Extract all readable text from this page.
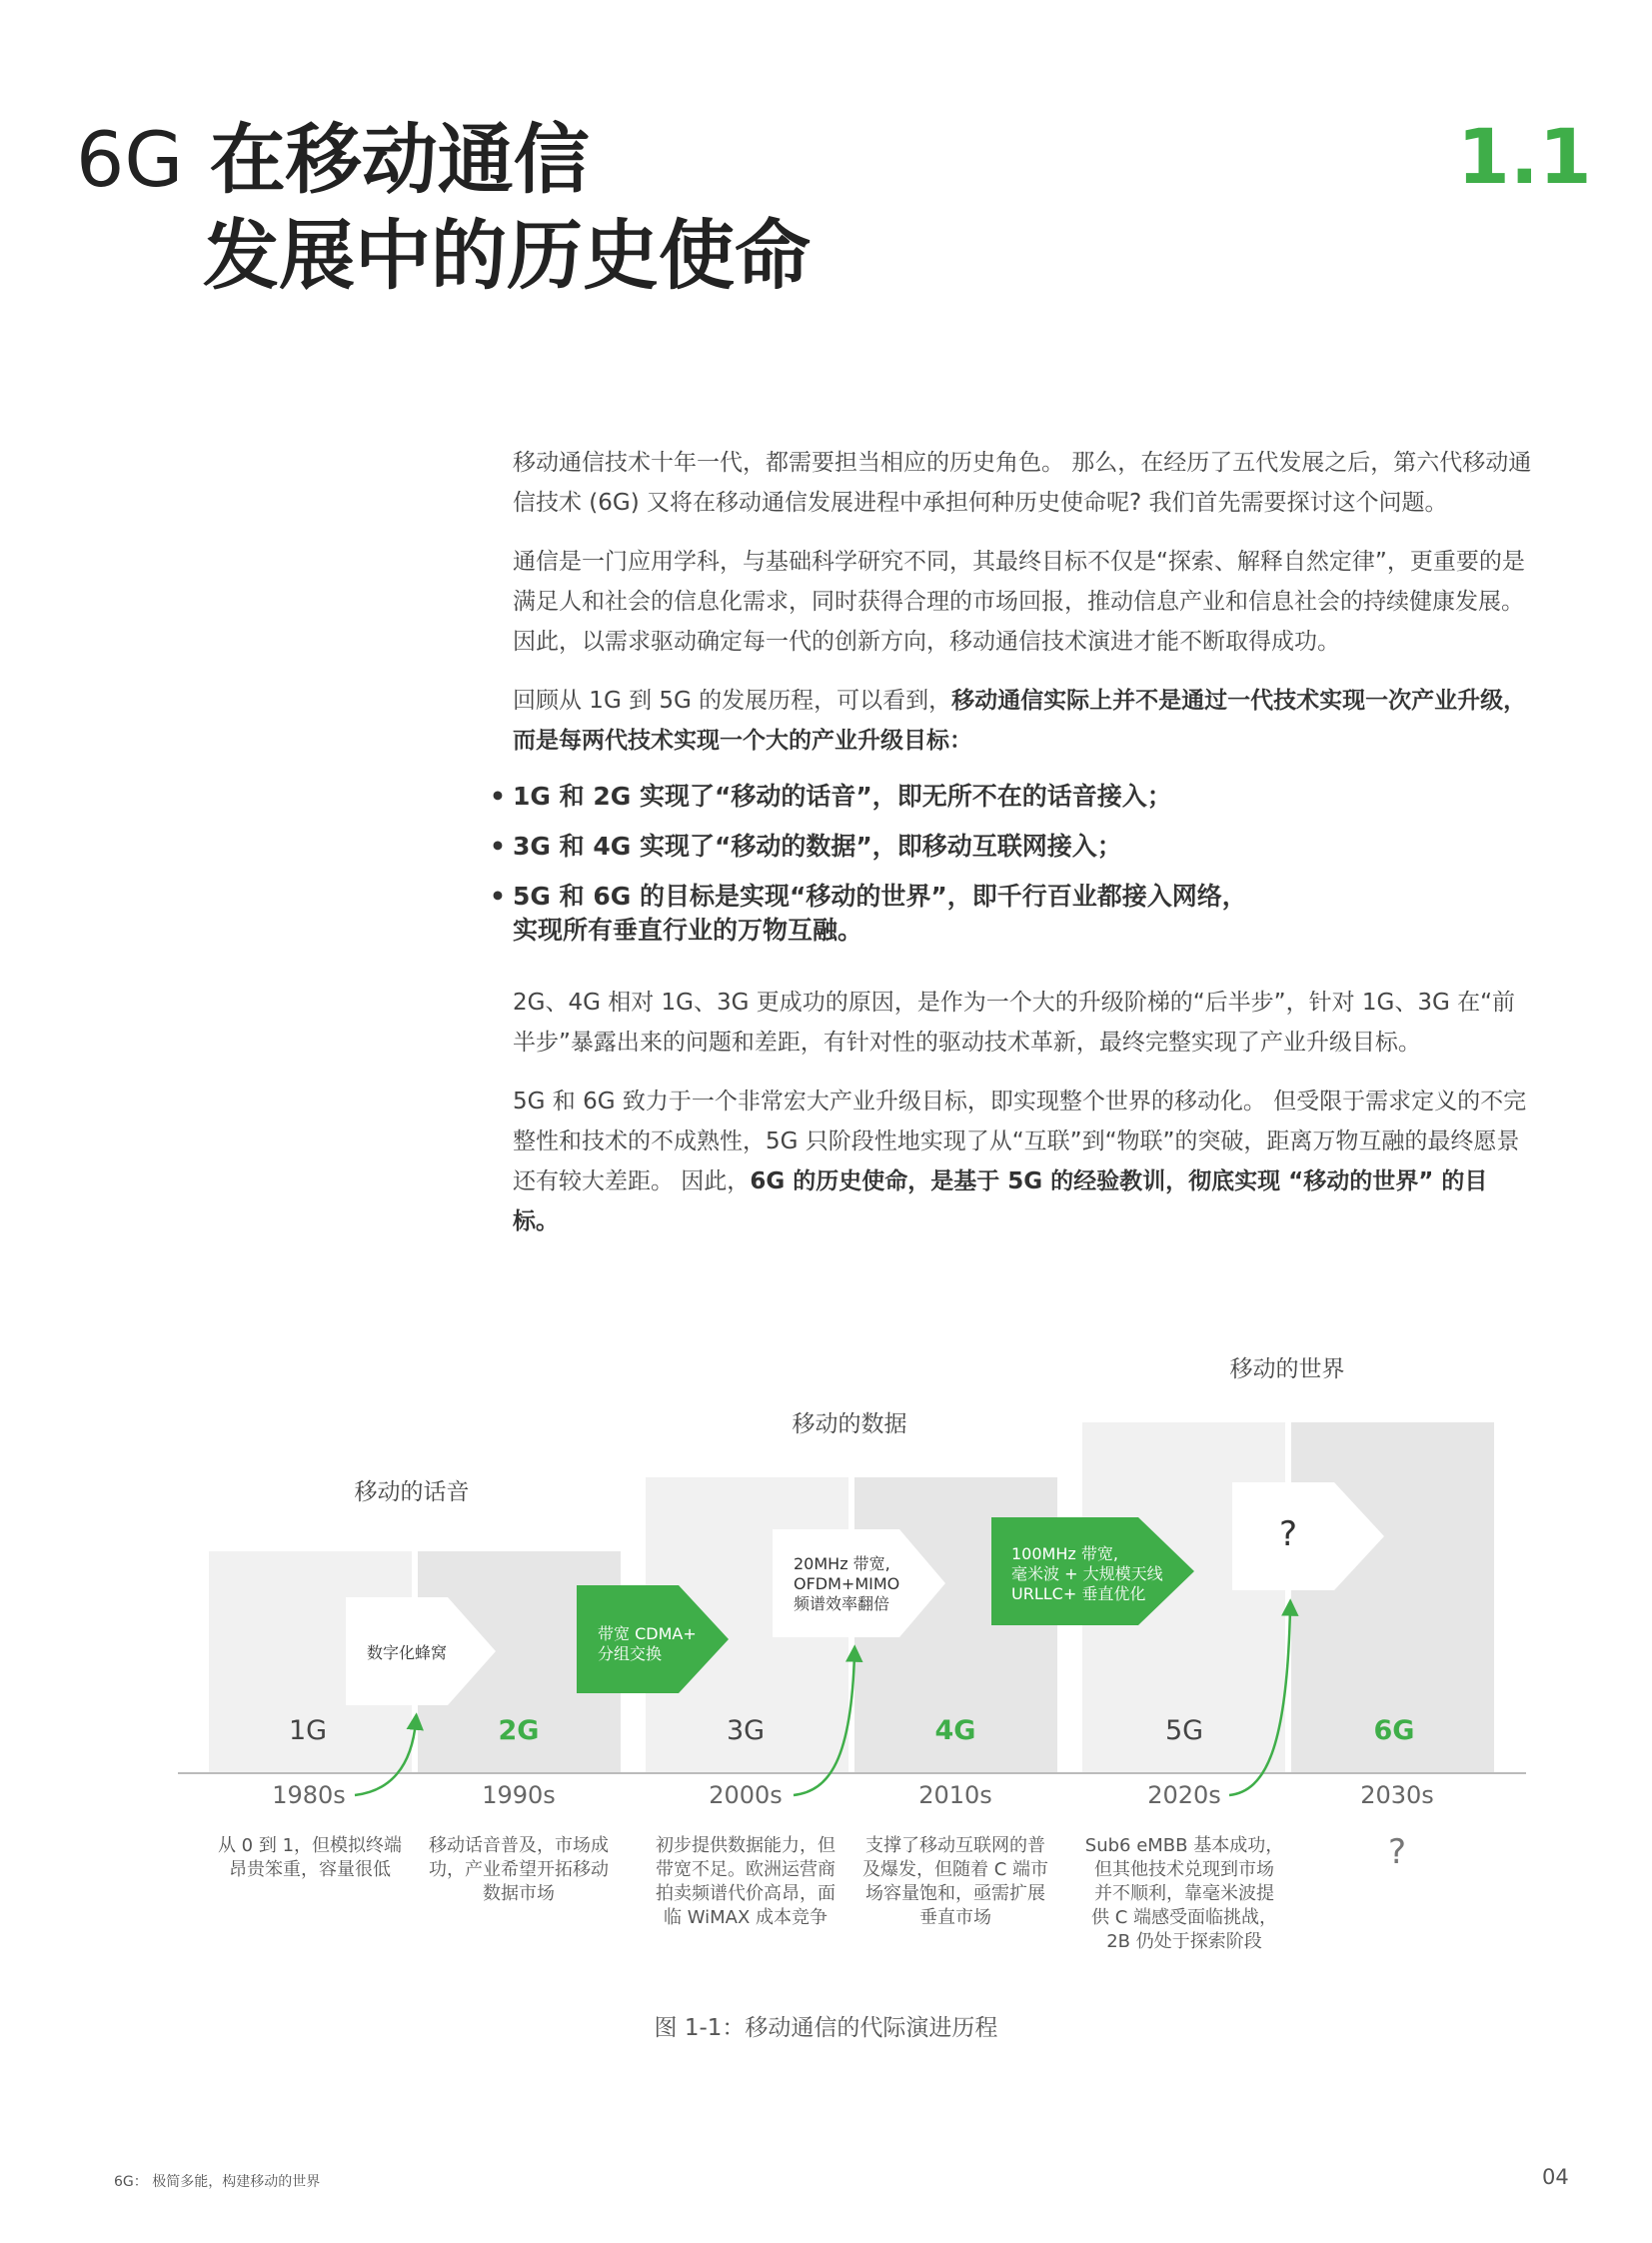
6G 在移动通信
发展中的历史使命
1.1

移动通信技术十年一代，都需要担当相应的历史角色。 那么，在经历了五代发展之后，第六代移动通信技术 (6G) 又将在移动通信发展进程中承担何种历史使命呢? 我们首先需要探讨这个问题。

通信是一门应用学科，与基础科学研究不同，其最终目标不仅是“探索、解释自然定律”，更重要的是满足人和社会的信息化需求，同时获得合理的市场回报，推动信息产业和信息社会的持续健康发展。 因此，以需求驱动确定每一代的创新方向，移动通信技术演进才能不断取得成功。

回顾从 1G 到 5G 的发展历程，可以看到，移动通信实际上并不是通过一代技术实现一次产业升级，而是每两代技术实现一个大的产业升级目标：

• 1G 和 2G 实现了“移动的话音”，即无所不在的话音接入；
• 3G 和 4G 实现了“移动的数据”，即移动互联网接入；
• 5G 和 6G 的目标是实现“移动的世界”，即千行百业都接入网络，
实现所有垂直行业的万物互融。

2G、4G 相对 1G、3G 更成功的原因，是作为一个大的升级阶梯的“后半步”，针对 1G、3G 在“前半步”暴露出来的问题和差距，有针对性的驱动技术革新，最终完整实现了产业升级目标。

5G 和 6G 致力于一个非常宏大产业升级目标，即实现整个世界的移动化。 但受限于需求定义的不完整性和技术的不成熟性，5G 只阶段性地实现了从“互联”到“物联”的突破，距离万物互融的最终愿景还有较大差距。 因此，6G 的历史使命，是基于 5G 的经验教训，彻底实现 “移动的世界” 的目标。

移动的话音
移动的数据
移动的世界
数字化蜂窝
带宽 CDMA+
分组交换
20MHz 带宽,
OFDM+MIMO
频谱效率翻倍
100MHz 带宽,
毫米波 + 大规模天线
URLLC+ 垂直优化
?
1G	2G	3G	4G	5G	6G
1980s	1990s	2000s	2010s	2020s	2030s
从 0 到 1，但模拟终端
昂贵笨重，容量很低
移动话音普及，市场成
功，产业希望开拓移动
数据市场
初步提供数据能力，但
带宽不足。欧洲运营商
拍卖频谱代价高昂，面
临 WiMAX 成本竞争
支撑了移动互联网的普
及爆发，但随着 C 端市
场容量饱和，亟需扩展
垂直市场
Sub6 eMBB 基本成功，
但其他技术兑现到市场
并不顺利，靠毫米波提
供 C 端感受面临挑战，
2B 仍处于探索阶段
?
图 1-1：移动通信的代际演进历程
6G： 极简多能，构建移动的世界	04
